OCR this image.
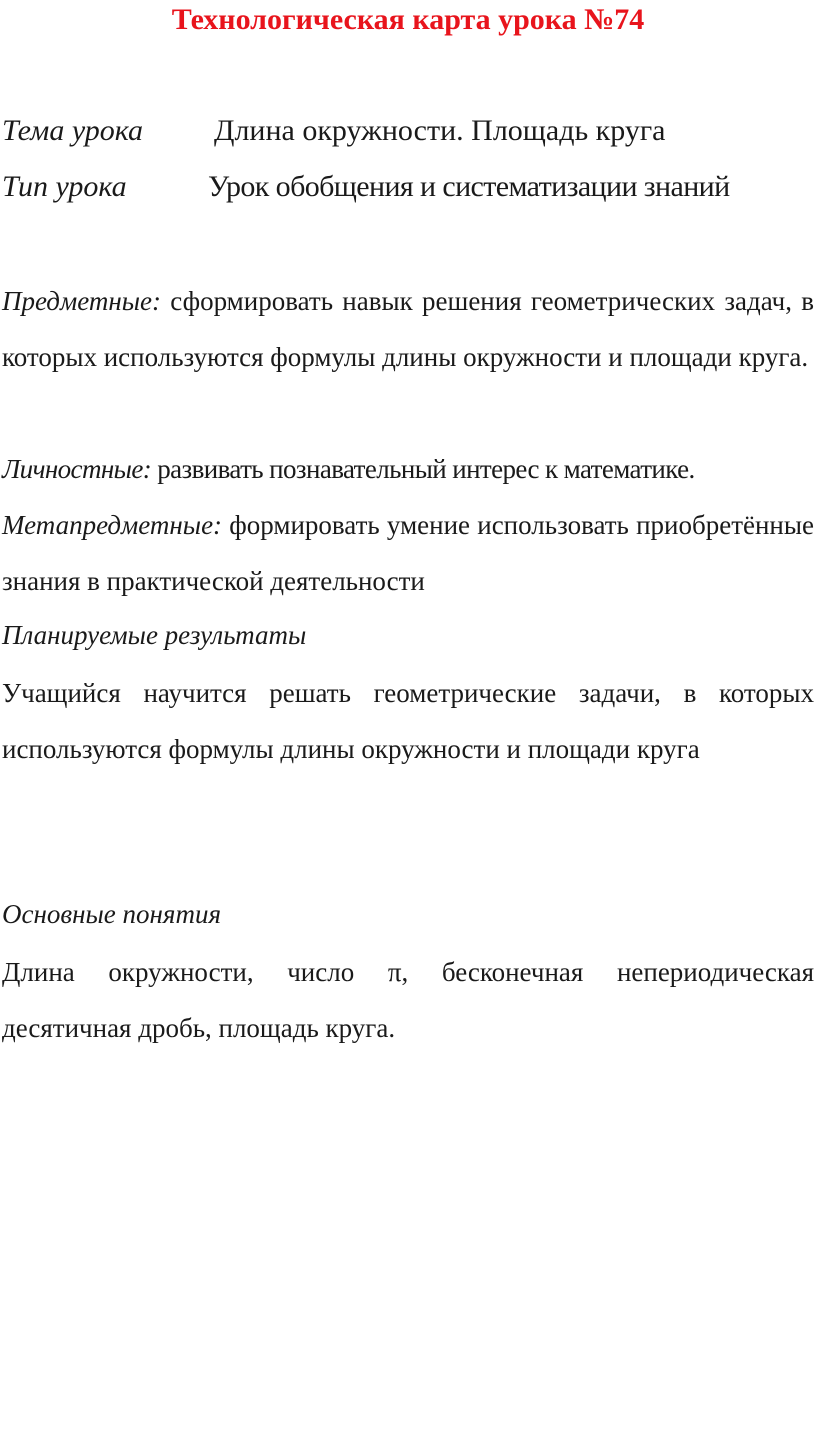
Технологическая карта урока №74
Тема урока Длина окружности. Площадь круга
Тип урока	Урок обобщения и систематизации знаний
Предметные: сформировать навык решения геометрических задач, в которых используются формулы длины окружности и площади круга.
Личностные: развивать познавательный интерес к математике.
Метапредметные: формировать умение использовать приобретённые знания в практической деятельности
Планируемые результаты
Учащийся научится решать геометрические задачи, в которых используются формулы длины окружности и площади круга
Основные понятия
Длина окружности, число π, бесконечная непериодическая десятичная дробь, площадь круга.
